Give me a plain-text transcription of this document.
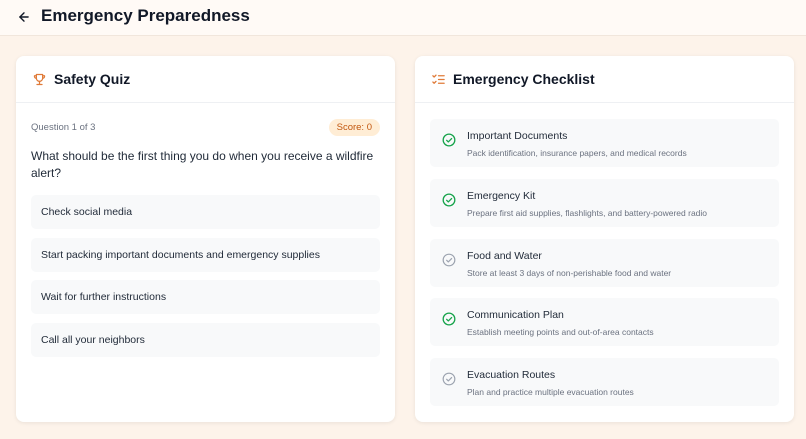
Emergency Preparedness
Safety Quiz
Question 1 of 3	Score: 0
What should be the first thing you do when you receive a wildfire alert?
Check social media
Start packing important documents and emergency supplies
Wait for further instructions
Call all your neighbors
Emergency Checklist
Important Documents
Pack identification, insurance papers, and medical records
Emergency Kit
Prepare first aid supplies, flashlights, and battery-powered radio
Food and Water
Store at least 3 days of non-perishable food and water
Communication Plan
Establish meeting points and out-of-area contacts
Evacuation Routes
Plan and practice multiple evacuation routes
